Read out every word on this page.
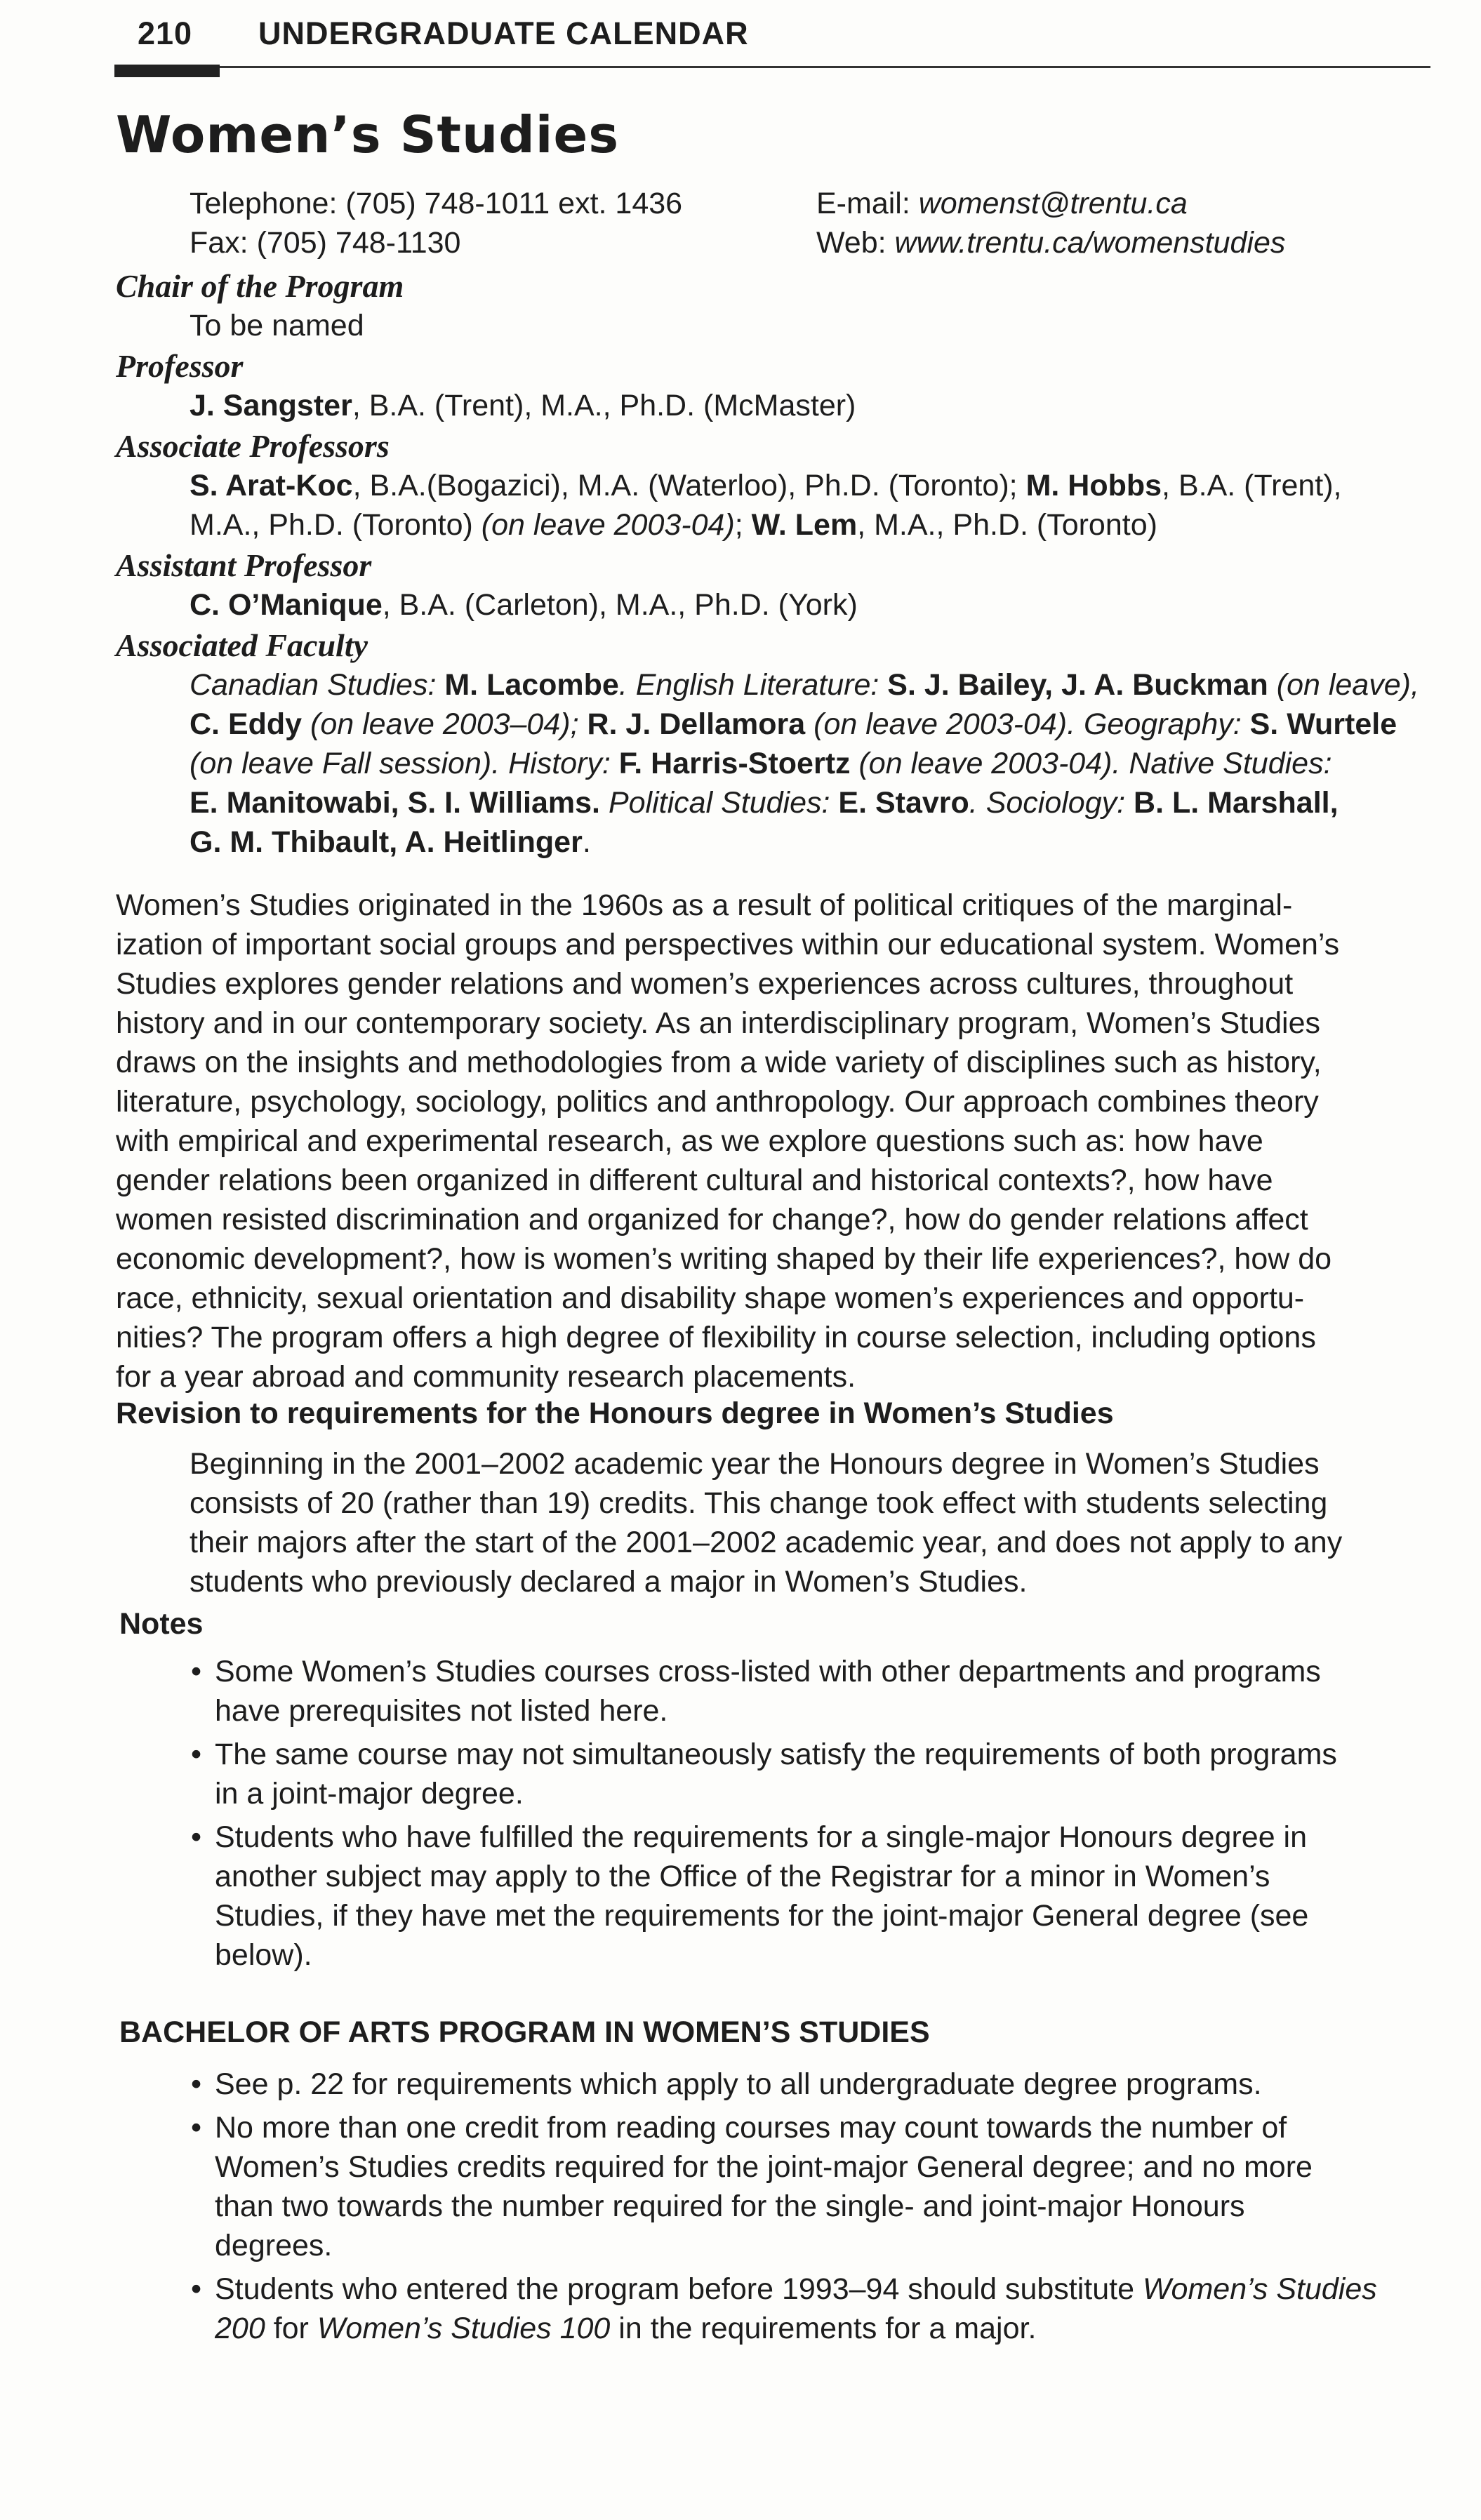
210 UNDERGRADUATE CALENDAR
Women’s Studies
Telephone: (705) 748-1011 ext. 1436
Fax: (705) 748-1130
E-mail: womenst@trentu.ca
Web: www.trentu.ca/womenstudies
Chair of the Program
To be named
Professor
J. Sangster, B.A. (Trent), M.A., Ph.D. (McMaster)
Associate Professors
S. Arat-Koc, B.A.(Bogazici), M.A. (Waterloo), Ph.D. (Toronto); M. Hobbs, B.A. (Trent),
M.A., Ph.D. (Toronto) (on leave 2003-04); W. Lem, M.A., Ph.D. (Toronto)
Assistant Professor
C. O’Manique, B.A. (Carleton), M.A., Ph.D. (York)
Associated Faculty
Canadian Studies: M. Lacombe. English Literature: S. J. Bailey, J. A. Buckman (on leave),
C. Eddy (on leave 2003–04); R. J. Dellamora (on leave 2003-04). Geography: S. Wurtele
(on leave Fall session). History: F. Harris-Stoertz (on leave 2003-04). Native Studies:
E. Manitowabi, S. I. Williams. Political Studies: E. Stavro. Sociology: B. L. Marshall,
G. M. Thibault, A. Heitlinger.
Women’s Studies originated in the 1960s as a result of political critiques of the marginal-
ization of important social groups and perspectives within our educational system. Women’s
Studies explores gender relations and women’s experiences across cultures, throughout
history and in our contemporary society. As an interdisciplinary program, Women’s Studies
draws on the insights and methodologies from a wide variety of disciplines such as history,
literature, psychology, sociology, politics and anthropology. Our approach combines theory
with empirical and experimental research, as we explore questions such as: how have
gender relations been organized in different cultural and historical contexts?, how have
women resisted discrimination and organized for change?, how do gender relations affect
economic development?, how is women’s writing shaped by their life experiences?, how do
race, ethnicity, sexual orientation and disability shape women’s experiences and opportu-
nities? The program offers a high degree of flexibility in course selection, including options
for a year abroad and community research placements.
Revision to requirements for the Honours degree in Women’s Studies
Beginning in the 2001–2002 academic year the Honours degree in Women’s Studies
consists of 20 (rather than 19) credits. This change took effect with students selecting
their majors after the start of the 2001–2002 academic year, and does not apply to any
students who previously declared a major in Women’s Studies.
Notes
• Some Women’s Studies courses cross-listed with other departments and programs
have prerequisites not listed here.
• The same course may not simultaneously satisfy the requirements of both programs
in a joint-major degree.
• Students who have fulfilled the requirements for a single-major Honours degree in
another subject may apply to the Office of the Registrar for a minor in Women’s
Studies, if they have met the requirements for the joint-major General degree (see
below).
BACHELOR OF ARTS PROGRAM IN WOMEN’S STUDIES
• See p. 22 for requirements which apply to all undergraduate degree programs.
• No more than one credit from reading courses may count towards the number of
Women’s Studies credits required for the joint-major General degree; and no more
than two towards the number required for the single- and joint-major Honours
degrees.
• Students who entered the program before 1993–94 should substitute Women’s Studies
200 for Women’s Studies 100 in the requirements for a major.
